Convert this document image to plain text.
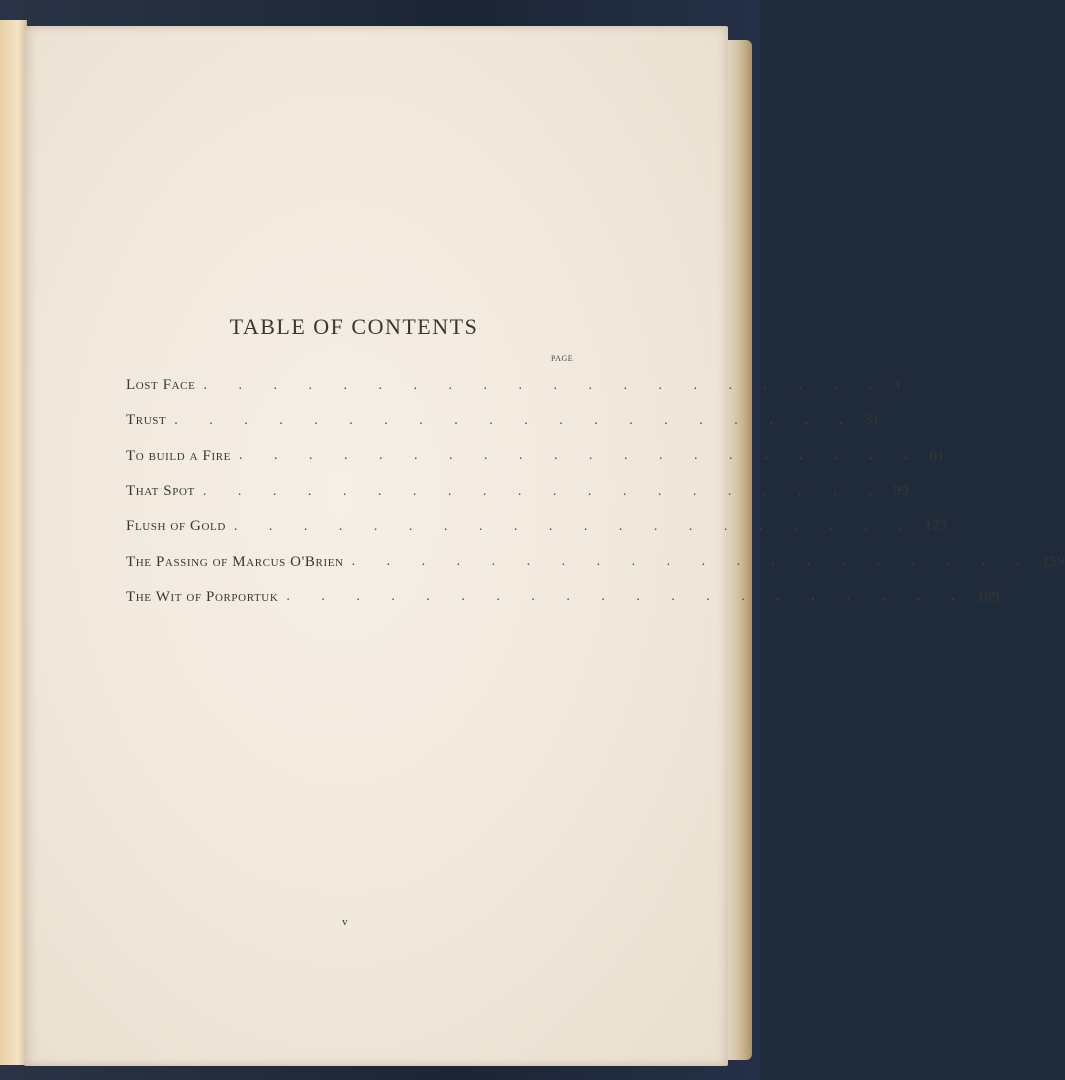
TABLE OF CONTENTS
PAGE
Lost Face . . . . . . . . . . . . . . . . . . . . 1
Trust . . . . . . . . . . . . . . . . . . . . 31
To build a Fire . . . . . . . . . . . . . . . . . . . . 61
That Spot . . . . . . . . . . . . . . . . . . . . 99
Flush of Gold . . . . . . . . . . . . . . . . . . . . 123
The Passing of Marcus O'Brien . . . . . . . . . . . . . . . . . . . . 159
The Wit of Porportuk . . . . . . . . . . . . . . . . . . . . 189
v
